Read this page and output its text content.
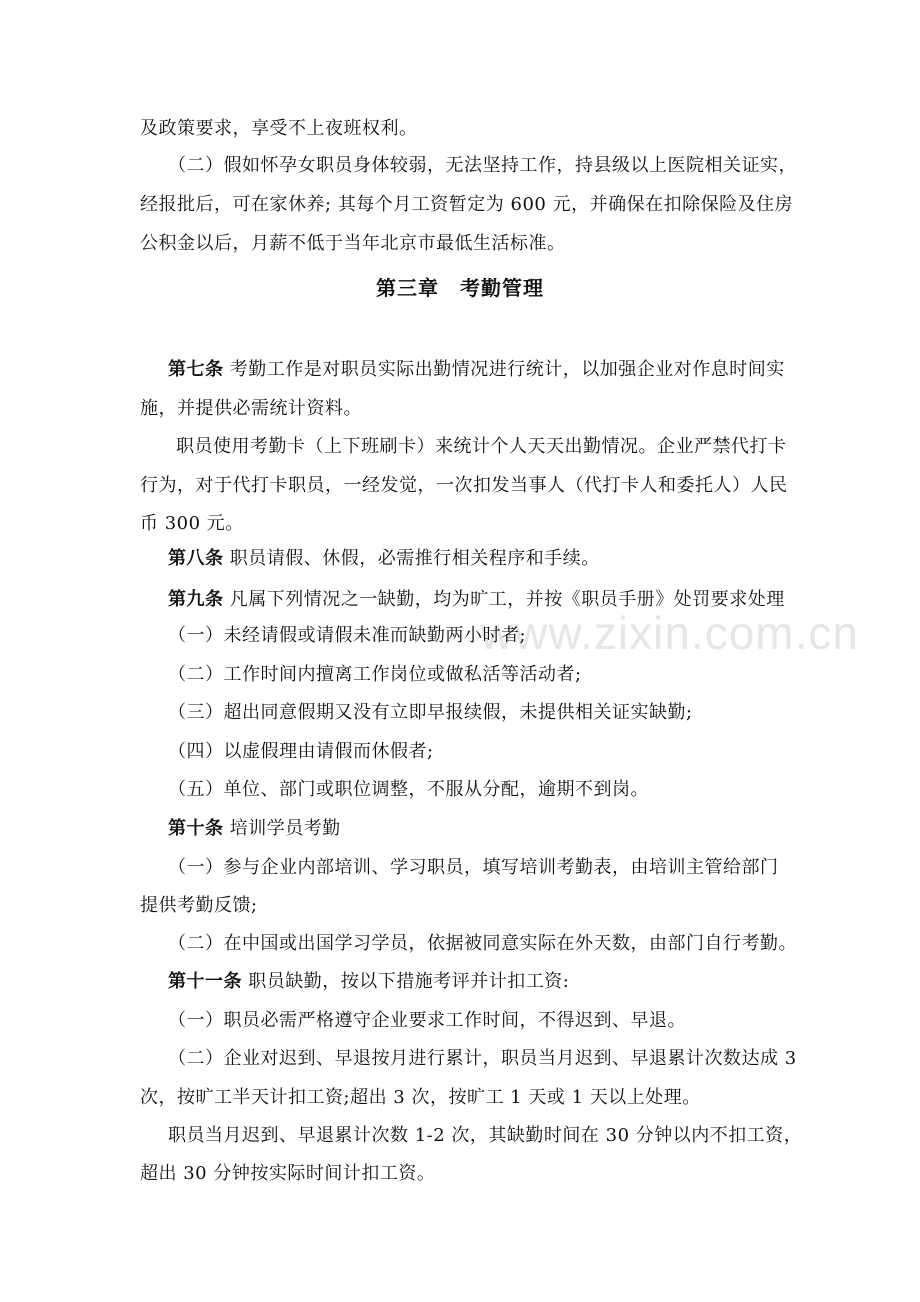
www.zixin.com.cn
及政策要求，享受不上夜班权利。
（二）假如怀孕女职员身体较弱，无法坚持工作，持县级以上医院相关证实，
经报批后，可在家休养; 其每个月工资暂定为 600 元，并确保在扣除保险及住房
公积金以后，月薪不低于当年北京市最低生活标准。
第三章　考勤管理
第七条 考勤工作是对职员实际出勤情况进行统计，以加强企业对作息时间实
施，并提供必需统计资料。
职员使用考勤卡（上下班刷卡）来统计个人天天出勤情况。企业严禁代打卡
行为，对于代打卡职员，一经发觉，一次扣发当事人（代打卡人和委托人）人民
币 300 元。
第八条 职员请假、休假，必需推行相关程序和手续。
第九条 凡属下列情况之一缺勤，均为旷工，并按《职员手册》处罚要求处理
（一）未经请假或请假未准而缺勤两小时者;
（二）工作时间内擅离工作岗位或做私活等活动者;
（三）超出同意假期又没有立即早报续假，未提供相关证实缺勤;
（四）以虚假理由请假而休假者;
（五）单位、部门或职位调整，不服从分配，逾期不到岗。
第十条 培训学员考勤
（一）参与企业内部培训、学习职员，填写培训考勤表，由培训主管给部门
提供考勤反馈;
（二）在中国或出国学习学员，依据被同意实际在外天数，由部门自行考勤。
第十一条 职员缺勤，按以下措施考评并计扣工资:
（一）职员必需严格遵守企业要求工作时间，不得迟到、早退。
（二）企业对迟到、早退按月进行累计，职员当月迟到、早退累计次数达成 3
次，按旷工半天计扣工资;超出 3 次，按旷工 1 天或 1 天以上处理。
职员当月迟到、早退累计次数 1-2 次，其缺勤时间在 30 分钟以内不扣工资，
超出 30 分钟按实际时间计扣工资。
